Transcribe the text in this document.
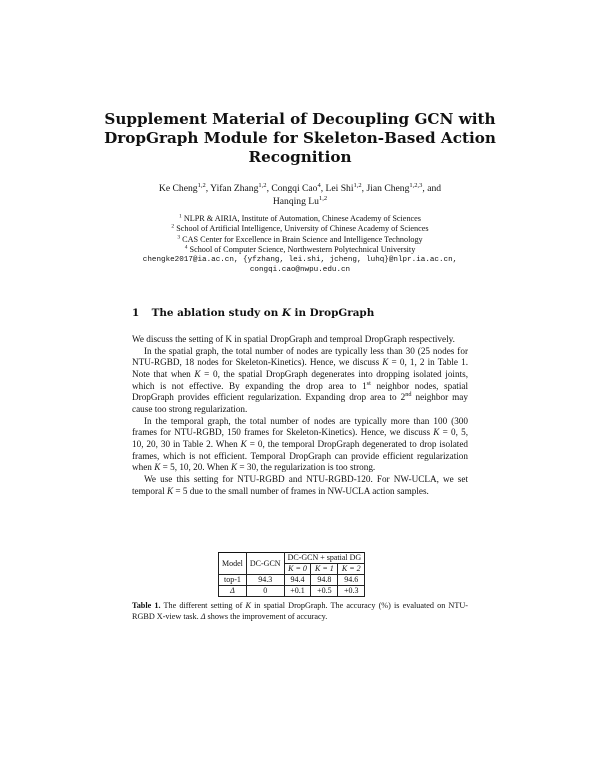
Supplement Material of Decoupling GCN with
DropGraph Module for Skeleton-Based Action
Recognition
Ke Cheng$^{1,2}$, Yifan Zhang$^{1,2}$, Congqi Cao$^4$, Lei Shi$^{1,2}$, Jian Cheng$^{1,2,3}$, and
Hanqing Lu$^{1,2}$
$^1$ NLPR & AIRIA, Institute of Automation, Chinese Academy of Sciences
$^2$ School of Artificial Intelligence, University of Chinese Academy of Sciences
$^3$ CAS Center for Excellence in Brain Science and Intelligence Technology
$^4$ School of Computer Science, Northwestern Polytechnical University
chengke2017@ia.ac.cn, {yfzhang, lei.shi, jcheng, luhq}@nlpr.ia.ac.cn,
congqi.cao@nwpu.edu.cn
1 The ablation study on K in DropGraph

We discuss the setting of K in spatial DropGraph and temproal DropGraph respectively.

In the spatial graph, the total number of nodes are typically less than 30 (25 nodes for NTU-RGBD, 18 nodes for Skeleton-Kinetics). Hence, we discuss K = 0, 1, 2 in Table 1. Note that when K = 0, the spatial DropGraph degenerates into dropping isolated joints, which is not effective. By expanding the drop area to 1st neighbor nodes, spatial DropGraph provides efficient regularization. Expanding drop area to 2nd neighbor may cause too strong regularization.

In the temporal graph, the total number of nodes are typically more than 100 (300 frames for NTU-RGBD, 150 frames for Skeleton-Kinetics). Hence, we discuss K = 0, 5, 10, 20, 30 in Table 2. When K = 0, the temporal DropGraph degenerated to drop isolated frames, which is not efficient. Temporal DropGraph can provide efficient regularization when K = 5, 10, 20. When K = 30, the regularization is too strong.

We use this setting for NTU-RGBD and NTU-RGBD-120. For NW-UCLA, we set temporal K = 5 due to the small number of frames in NW-UCLA action samples.

Model	DC-GCN	DC-GCN + spatial DG		
		K = 0	K = 1	K = 2
top-1	94.3	94.4	94.8	94.6
Δ	0	+0.1	+0.5	+0.3
Table 1. The different setting of K in spatial DropGraph. The accuracy (%) is evaluated on NTU-RGBD X-view task. Δ shows the improvement of accuracy.
